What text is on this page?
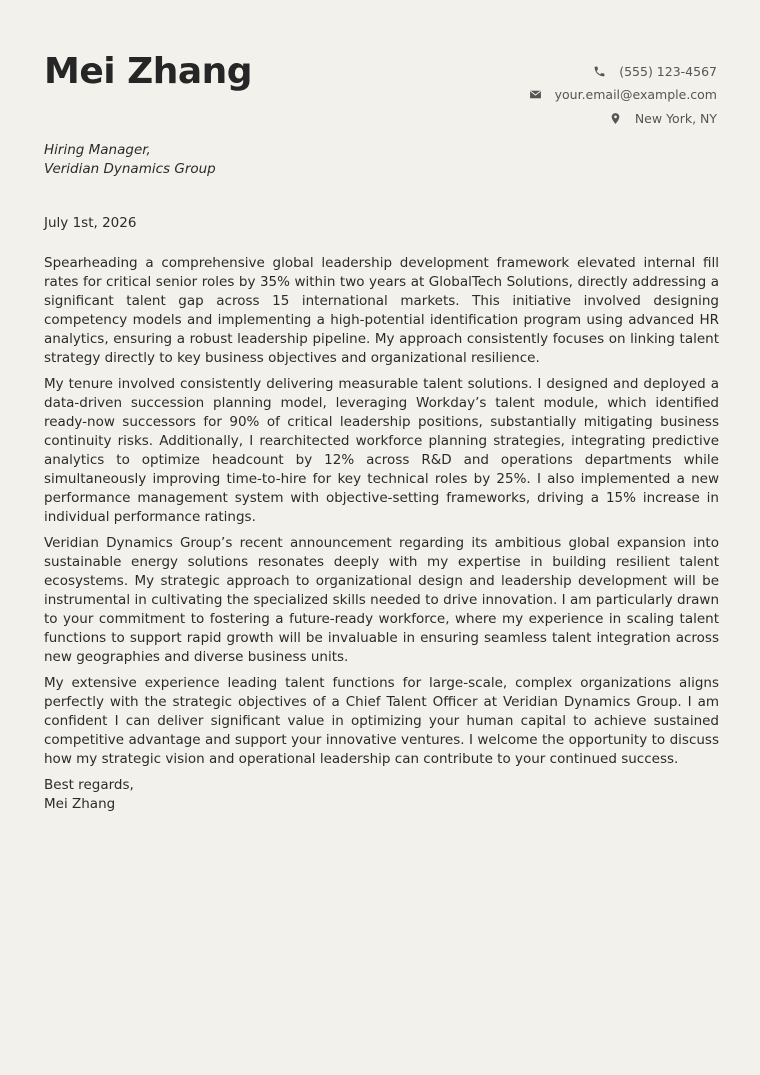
Mei Zhang	(555) 123-4567
your.email@example.com
New York, NY
Hiring Manager,
Veridian Dynamics Group
July 1st, 2026

Spearheading a comprehensive global leadership development framework elevated internal fill rates for critical senior roles by 35% within two years at GlobalTech Solutions, directly addressing a significant talent gap across 15 international markets. This initiative involved designing competency models and implementing a high-potential identification program using advanced HR analytics, ensuring a robust leadership pipeline. My approach consistently focuses on linking talent strategy directly to key business objectives and organizational resilience.

My tenure involved consistently delivering measurable talent solutions. I designed and deployed a data-driven succession planning model, leveraging Workday’s talent module, which identified ready-now successors for 90% of critical leadership positions, substantially mitigating business continuity risks. Additionally, I rearchitected workforce planning strategies, integrating predictive analytics to optimize headcount by 12% across R&D and operations departments while simultaneously improving time-to-hire for key technical roles by 25%. I also implemented a new performance management system with objective-setting frameworks, driving a 15% increase in individual performance ratings.

Veridian Dynamics Group’s recent announcement regarding its ambitious global expansion into sustainable energy solutions resonates deeply with my expertise in building resilient talent ecosystems. My strategic approach to organizational design and leadership development will be instrumental in cultivating the specialized skills needed to drive innovation. I am particularly drawn to your commitment to fostering a future-ready workforce, where my experience in scaling talent functions to support rapid growth will be invaluable in ensuring seamless talent integration across new geographies and diverse business units.

My extensive experience leading talent functions for large-scale, complex organizations aligns perfectly with the strategic objectives of a Chief Talent Officer at Veridian Dynamics Group. I am confident I can deliver significant value in optimizing your human capital to achieve sustained competitive advantage and support your innovative ventures. I welcome the opportunity to discuss how my strategic vision and operational leadership can contribute to your continued success.

Best regards,
Mei Zhang
